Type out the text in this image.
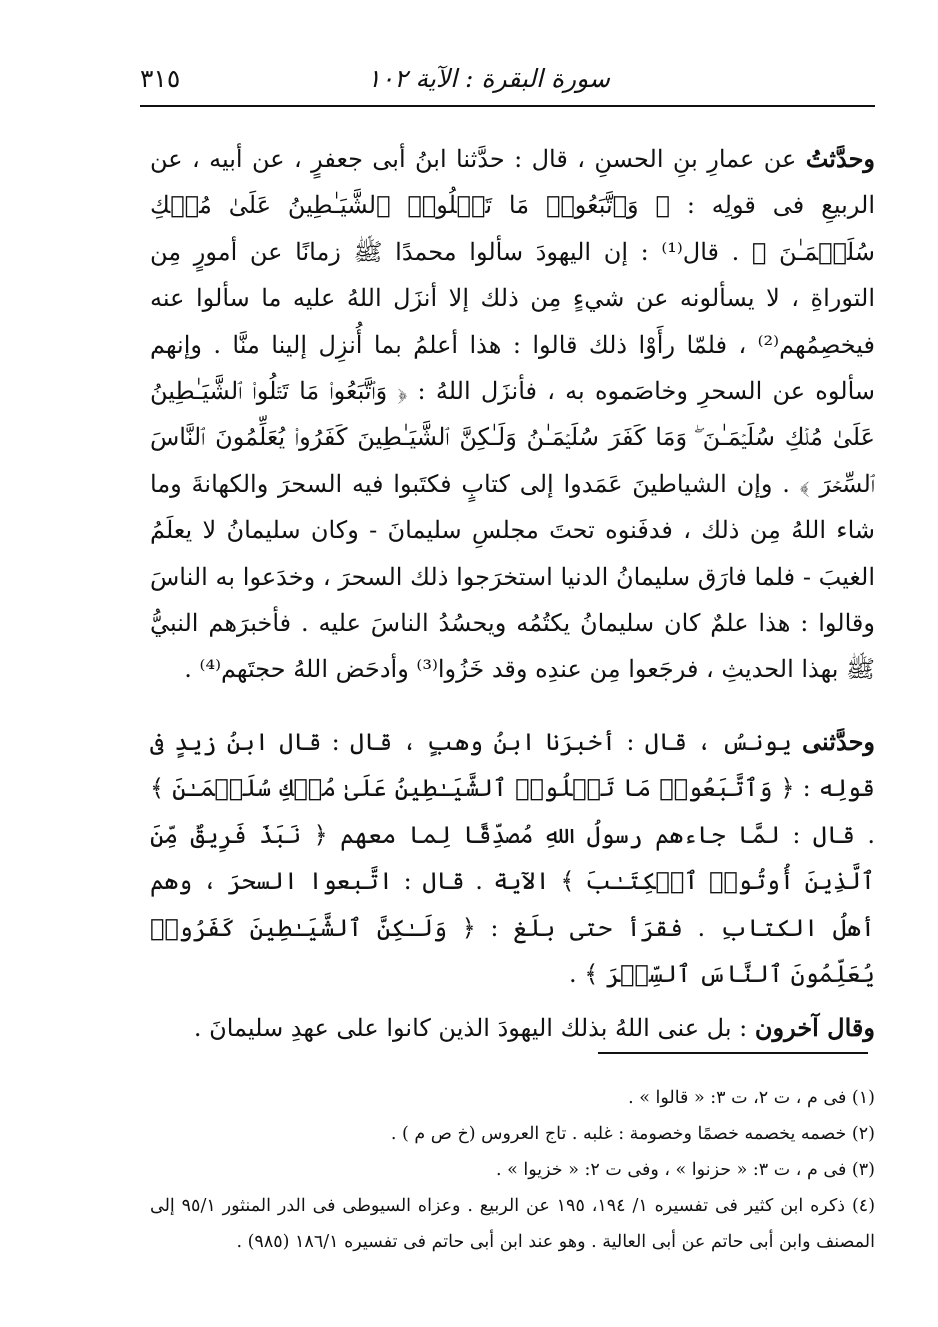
سورة البقرة : الآية ١٠٢
٣١٥

وحدَّثتُ عن عمارِ بنِ الحسنِ ، قال : حدَّثنا ابنُ أبى جعفرٍ ، عن أبيه ، عن الربيعِ فى قولِه : ﴿ وَٱتَّبَعُوا۟ مَا تَتۡلُوا۟ ٱلشَّيَـٰطِينُ عَلَىٰ مُلۡكِ سُلَيۡمَـٰنَ ﴾ . قال⁽¹⁾ : إن اليهودَ سألوا محمدًا ﷺ زمانًا عن أمورٍ مِن التوراةِ ، لا يسألونه عن شيءٍ مِن ذلك إلا أنزَل اللهُ عليه ما سألوا عنه فيخصِمُهم⁽²⁾ ، فلمّا رأَوْا ذلك قالوا : هذا أعلمُ بما أُنزِل إلينا منَّا . وإنهم سألوه عن السحرِ وخاصَموه به ، فأنزَل اللهُ : ﴿ وَٱتَّبَعُوا۟ مَا تَتۡلُوا۟ ٱلشَّيَـٰطِينُ عَلَىٰ مُلۡكِ سُلَيۡمَـٰنَ ۖ وَمَا كَفَرَ سُلَيۡمَـٰنُ وَلَـٰكِنَّ ٱلشَّيَـٰطِينَ كَفَرُوا۟ يُعَلِّمُونَ ٱلنَّاسَ ٱلسِّحۡرَ ﴾ . وإن الشياطينَ عَمَدوا إلى كتابٍ فكتَبوا فيه السحرَ والكهانةَ وما شاء اللهُ مِن ذلك ، فدفَنوه تحتَ مجلسِ سليمانَ - وكان سليمانُ لا يعلَمُ الغيبَ - فلما فارَق سليمانُ الدنيا استخرَجوا ذلك السحرَ ، وخدَعوا به الناسَ وقالوا : هذا علمٌ كان سليمانُ يكتُمُه ويحسُدُ الناسَ عليه . فأخبرَهم النبيُّ ﷺ بهذا الحديثِ ، فرجَعوا مِن عندِه وقد خَزُوا⁽³⁾ وأدحَض اللهُ حجتَهم⁽⁴⁾ .

وحدَّثنى يونسُ ، قال : أخبرَنا ابنُ وهبٍ ، قال : قال ابنُ زيدٍ فى قولِه : ﴿ وَٱتَّبَعُوا۟ مَا تَتۡلُوا۟ ٱلشَّيَـٰطِينُ عَلَىٰ مُلۡكِ سُلَيۡمَـٰنَ ﴾ . قال : لمَّا جاءهم رسولُ اللهِ مُصدِّقًا لِما معهم ﴿ نَبَذَ فَرِيقٌ مِّنَ ٱلَّذِينَ أُوتُوا۟ ٱلۡكِتَـٰبَ ﴾ الآية . قال : اتَّبعوا السحرَ ، وهم أهلُ الكتابِ . فقرَأ حتى بلَغ : ﴿ وَلَـٰكِنَّ ٱلشَّيَـٰطِينَ كَفَرُوا۟ يُعَلِّمُونَ ٱلنَّاسَ ٱلسِّحۡرَ ﴾ .

وقال آخرون : بل عنى اللهُ بذلك اليهودَ الذين كانوا على عهدِ سليمانَ .

(١) فى م ، ت ٢، ت ٣: « قالوا » .

(٢) خصمه يخصمه خصمًا وخصومة : غلبه . تاج العروس (خ ص م ) .

(٣) فى م ، ت ٣: « حزنوا » ، وفى ت ٢: « خزيوا » .

(٤) ذكره ابن كثير فى تفسيره ١/ ١٩٤، ١٩٥ عن الربيع . وعزاه السيوطى فى الدر المنثور ٩٥/١ إلى المصنف وابن أبى حاتم عن أبى العالية . وهو عند ابن أبى حاتم فى تفسيره ١٨٦/١ (٩٨٥) .
